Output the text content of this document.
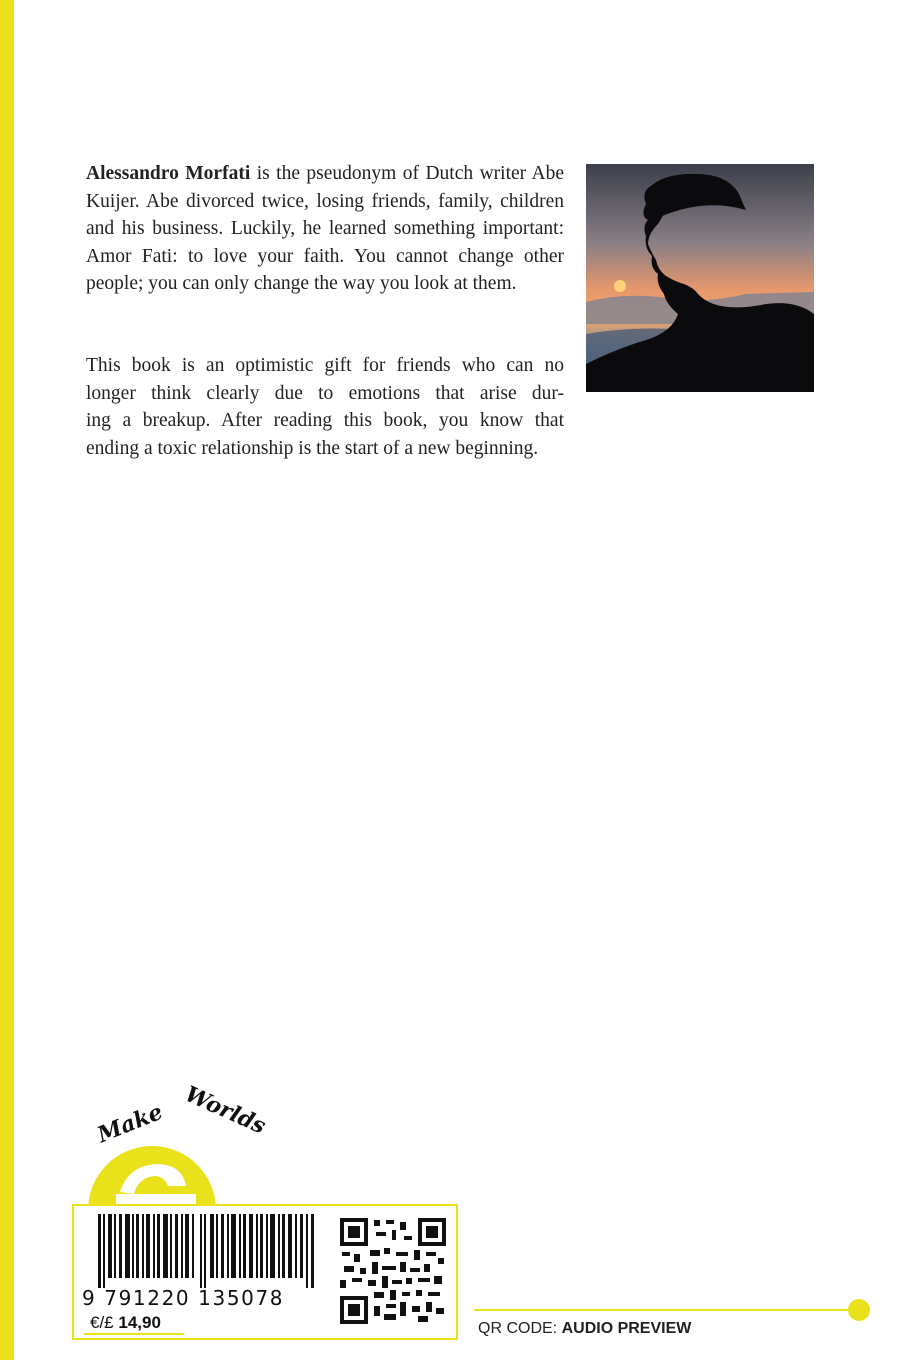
Alessandro Morfati is the pseudonym of Dutch writer Abe Kuijer. Abe divorced twice, losing friends, family, children and his business. Luckily, he learned something important: Amor Fati: to love your faith. You cannot change other people; you can only change the way you look at them.

This book is an optimistic gift for friends who can no
longer think clearly due to emotions that arise dur-
ing a breakup. After reading this book, you know that
ending a toxic relationship is the start of a new beginning.
Make Worlds
9 791220 135078
€/£ 14,90	QR CODE: AUDIO PREVIEW
